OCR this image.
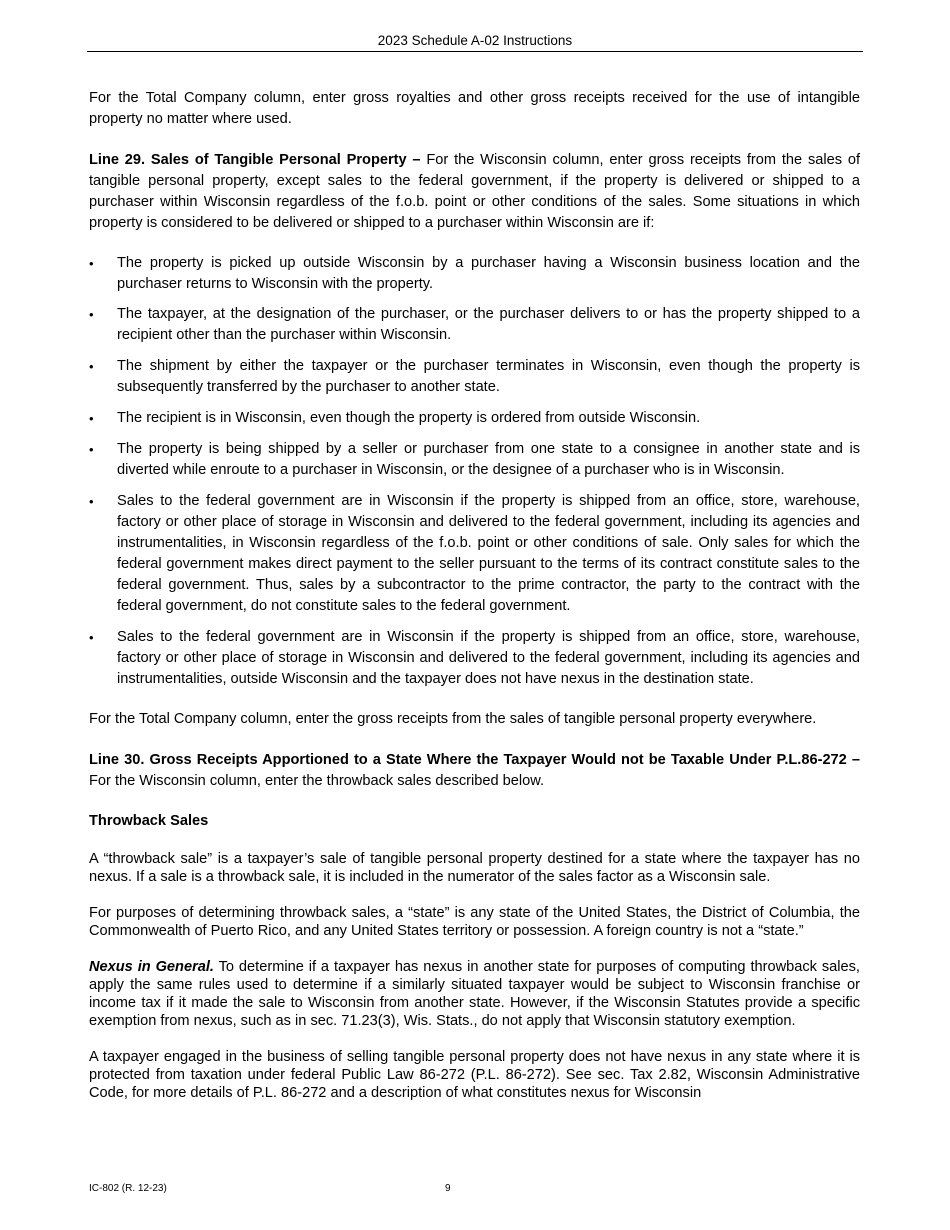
2023 Schedule A-02 Instructions

For the Total Company column, enter gross royalties and other gross receipts received for the use of intangible property no matter where used.

Line 29. Sales of Tangible Personal Property – For the Wisconsin column, enter gross receipts from the sales of tangible personal property, except sales to the federal government, if the property is delivered or shipped to a purchaser within Wisconsin regardless of the f.o.b. point or other conditions of the sales. Some situations in which property is considered to be delivered or shipped to a purchaser within Wisconsin are if:

• The property is picked up outside Wisconsin by a purchaser having a Wisconsin business location and the purchaser returns to Wisconsin with the property.
• The taxpayer, at the designation of the purchaser, or the purchaser delivers to or has the property shipped to a recipient other than the purchaser within Wisconsin.
• The shipment by either the taxpayer or the purchaser terminates in Wisconsin, even though the property is subsequently transferred by the purchaser to another state.
• The recipient is in Wisconsin, even though the property is ordered from outside Wisconsin.
• The property is being shipped by a seller or purchaser from one state to a consignee in another state and is diverted while enroute to a purchaser in Wisconsin, or the designee of a purchaser who is in Wisconsin.
• Sales to the federal government are in Wisconsin if the property is shipped from an office, store, warehouse, factory or other place of storage in Wisconsin and delivered to the federal government, including its agencies and instrumentalities, in Wisconsin regardless of the f.o.b. point or other conditions of sale. Only sales for which the federal government makes direct payment to the seller pursuant to the terms of its contract constitute sales to the federal government. Thus, sales by a subcontractor to the prime contractor, the party to the contract with the federal government, do not constitute sales to the federal government.
• Sales to the federal government are in Wisconsin if the property is shipped from an office, store, warehouse, factory or other place of storage in Wisconsin and delivered to the federal government, including its agencies and instrumentalities, outside Wisconsin and the taxpayer does not have nexus in the destination state.

For the Total Company column, enter the gross receipts from the sales of tangible personal property everywhere.

Line 30. Gross Receipts Apportioned to a State Where the Taxpayer Would not be Taxable Under P.L.86-272 – For the Wisconsin column, enter the throwback sales described below.

Throwback Sales

A “throwback sale” is a taxpayer’s sale of tangible personal property destined for a state where the taxpayer has no nexus. If a sale is a throwback sale, it is included in the numerator of the sales factor as a Wisconsin sale.

For purposes of determining throwback sales, a “state” is any state of the United States, the District of Columbia, the Commonwealth of Puerto Rico, and any United States territory or possession. A foreign country is not a “state.”

Nexus in General. To determine if a taxpayer has nexus in another state for purposes of computing throwback sales, apply the same rules used to determine if a similarly situated taxpayer would be subject to Wisconsin franchise or income tax if it made the sale to Wisconsin from another state. However, if the Wisconsin Statutes provide a specific exemption from nexus, such as in sec. 71.23(3), Wis. Stats., do not apply that Wisconsin statutory exemption.

A taxpayer engaged in the business of selling tangible personal property does not have nexus in any state where it is protected from taxation under federal Public Law 86-272 (P.L. 86-272). See sec. Tax 2.82, Wisconsin Administrative Code, for more details of P.L. 86-272 and a description of what constitutes nexus for Wisconsin

IC-802 (R. 12-23)	9
